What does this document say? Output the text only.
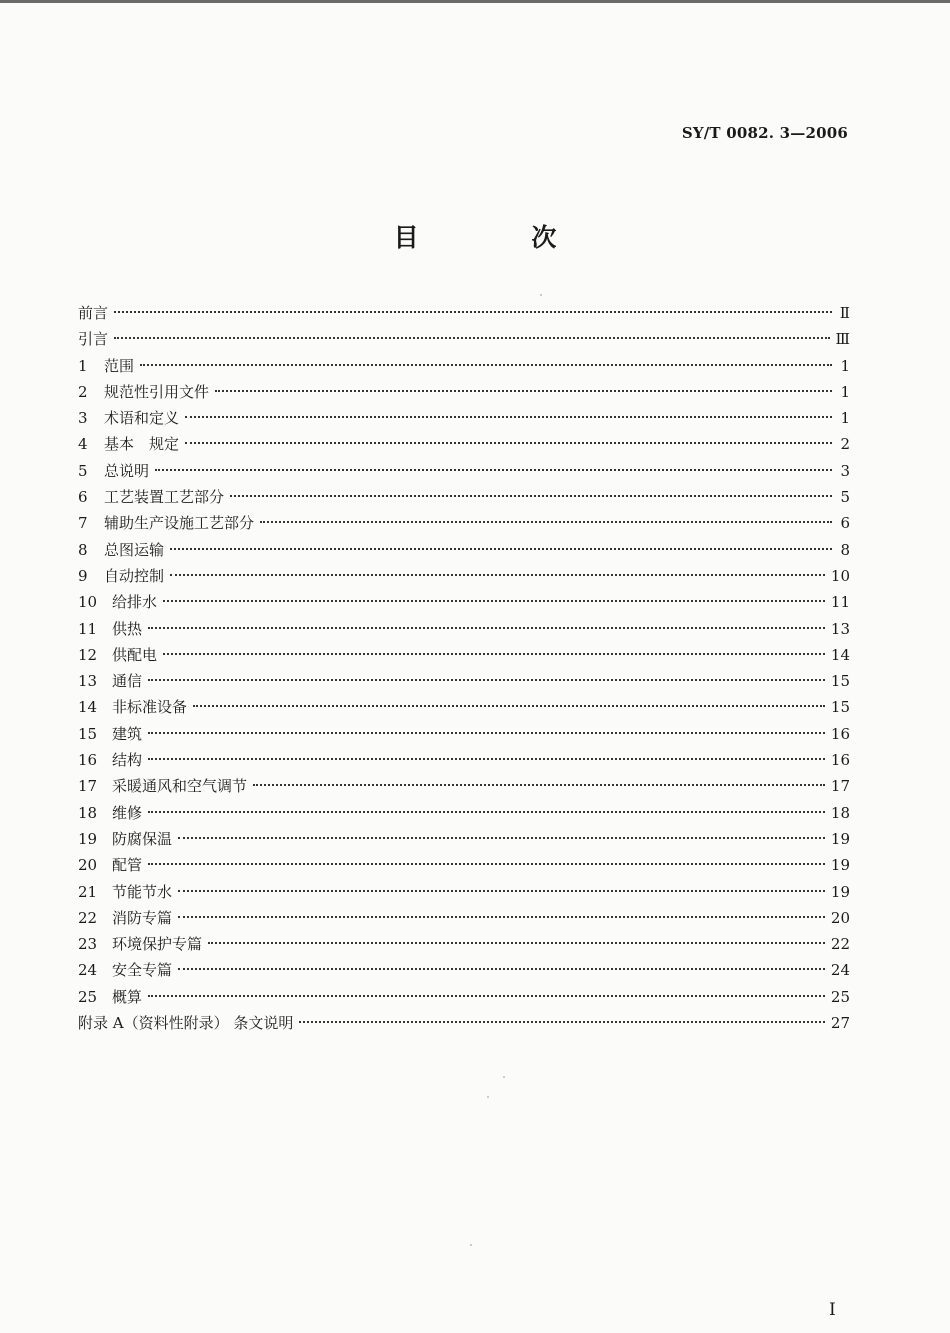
SY/T 0082. 3—2006
目 次
前言	Ⅱ
引言	Ⅲ
1	范围	1
2	规范性引用文件	1
3	术语和定义	1
4	基本　规定	2
5	总说明	3
6	工艺装置工艺部分	5
7	辅助生产设施工艺部分	6
8	总图运输	8
9	自动控制	10
10 给排水	11
11 供热	13
12 供配电	14
13 通信	15
14 非标准设备	15
15 建筑	16
16 结构	16
17 采暖通风和空气调节	17
18 维修	18
19 防腐保温	19
20 配管	19
21 节能节水	19
22 消防专篇	20
23 环境保护专篇	22
24 安全专篇	24
25 概算	25
附录 A（资料性附录） 条文说明	27
I
